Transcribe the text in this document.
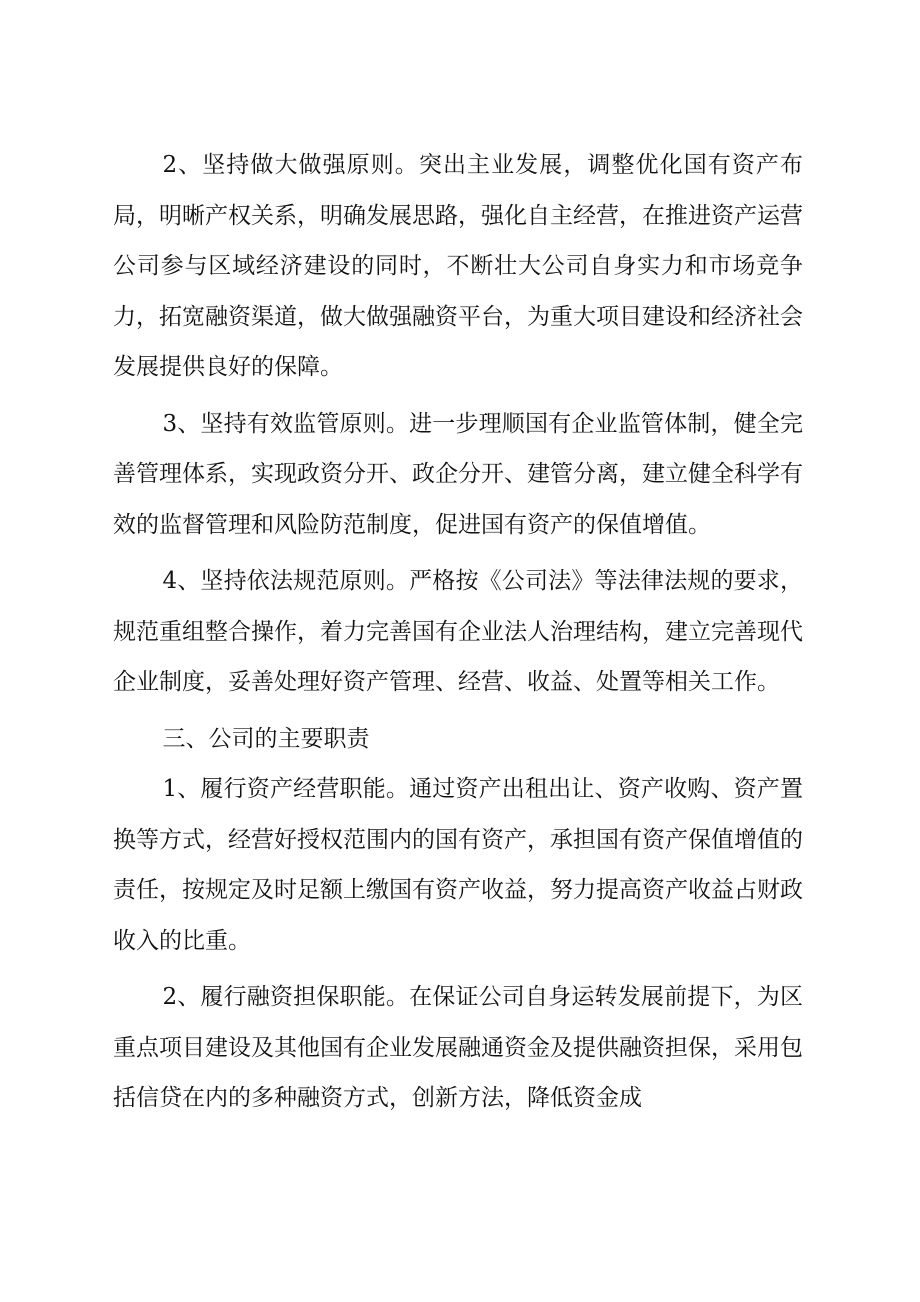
2、坚持做大做强原则。突出主业发展，调整优化国有资产布局，明晰产权关系，明确发展思路，强化自主经营，在推进资产运营公司参与区域经济建设的同时，不断壮大公司自身实力和市场竞争力，拓宽融资渠道，做大做强融资平台，为重大项目建设和经济社会发展提供良好的保障。

3、坚持有效监管原则。进一步理顺国有企业监管体制，健全完善管理体系，实现政资分开、政企分开、建管分离，建立健全科学有效的监督管理和风险防范制度，促进国有资产的保值增值。

4、坚持依法规范原则。严格按《公司法》等法律法规的要求，规范重组整合操作，着力完善国有企业法人治理结构，建立完善现代企业制度，妥善处理好资产管理、经营、收益、处置等相关工作。

三、公司的主要职责

1、履行资产经营职能。通过资产出租出让、资产收购、资产置换等方式，经营好授权范围内的国有资产，承担国有资产保值增值的责任，按规定及时足额上缴国有资产收益，努力提高资产收益占财政收入的比重。

2、履行融资担保职能。在保证公司自身运转发展前提下，为区重点项目建设及其他国有企业发展融通资金及提供融资担保，采用包括信贷在内的多种融资方式，创新方法，降低资金成
